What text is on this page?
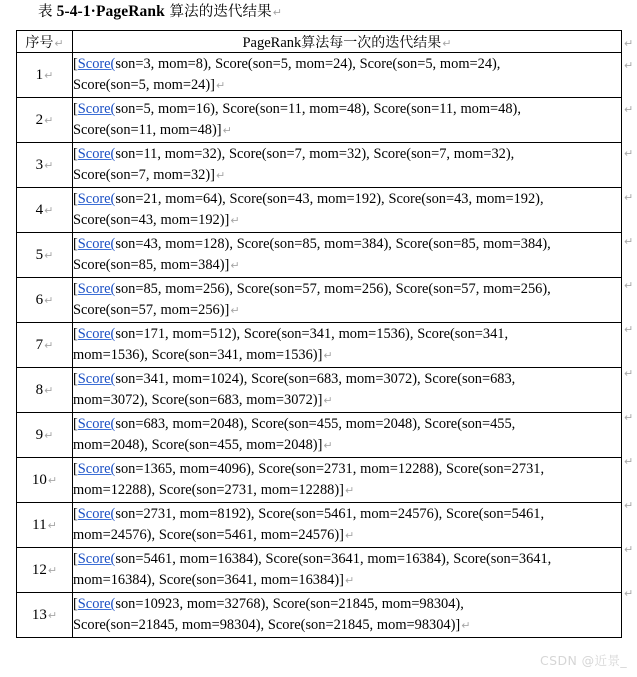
表 5-4-1·PageRank 算法的迭代结果↵
序号↵	PageRank算法每一次的迭代结果↵
1↵	[Score(son=3, mom=8), Score(son=5, mom=24), Score(son=5, mom=24),
Score(son=5, mom=24)]↵

2↵	[Score(son=5, mom=16), Score(son=11, mom=48), Score(son=11, mom=48),
Score(son=11, mom=48)]↵

3↵	[Score(son=11, mom=32), Score(son=7, mom=32), Score(son=7, mom=32),
Score(son=7, mom=32)]↵

4↵	[Score(son=21, mom=64), Score(son=43, mom=192), Score(son=43, mom=192),
Score(son=43, mom=192)]↵

5↵	[Score(son=43, mom=128), Score(son=85, mom=384), Score(son=85, mom=384),
Score(son=85, mom=384)]↵

6↵	[Score(son=85, mom=256), Score(son=57, mom=256), Score(son=57, mom=256),
Score(son=57, mom=256)]↵

7↵	[Score(son=171, mom=512), Score(son=341, mom=1536), Score(son=341,
mom=1536), Score(son=341, mom=1536)]↵

8↵	[Score(son=341, mom=1024), Score(son=683, mom=3072), Score(son=683,
mom=3072), Score(son=683, mom=3072)]↵

9↵	[Score(son=683, mom=2048), Score(son=455, mom=2048), Score(son=455,
mom=2048), Score(son=455, mom=2048)]↵

10↵	[Score(son=1365, mom=4096), Score(son=2731, mom=12288), Score(son=2731,
mom=12288), Score(son=2731, mom=12288)]↵

11↵	[Score(son=2731, mom=8192), Score(son=5461, mom=24576), Score(son=5461,
mom=24576), Score(son=5461, mom=24576)]↵

12↵	[Score(son=5461, mom=16384), Score(son=3641, mom=16384), Score(son=3641,
mom=16384), Score(son=3641, mom=16384)]↵

13↵	[Score(son=10923, mom=32768), Score(son=21845, mom=98304),
Score(son=21845, mom=98304), Score(son=21845, mom=98304)]↵
↵
↵
↵
↵
↵
↵
↵
↵
↵
↵
↵
↵
↵
↵
CSDN @近景_
